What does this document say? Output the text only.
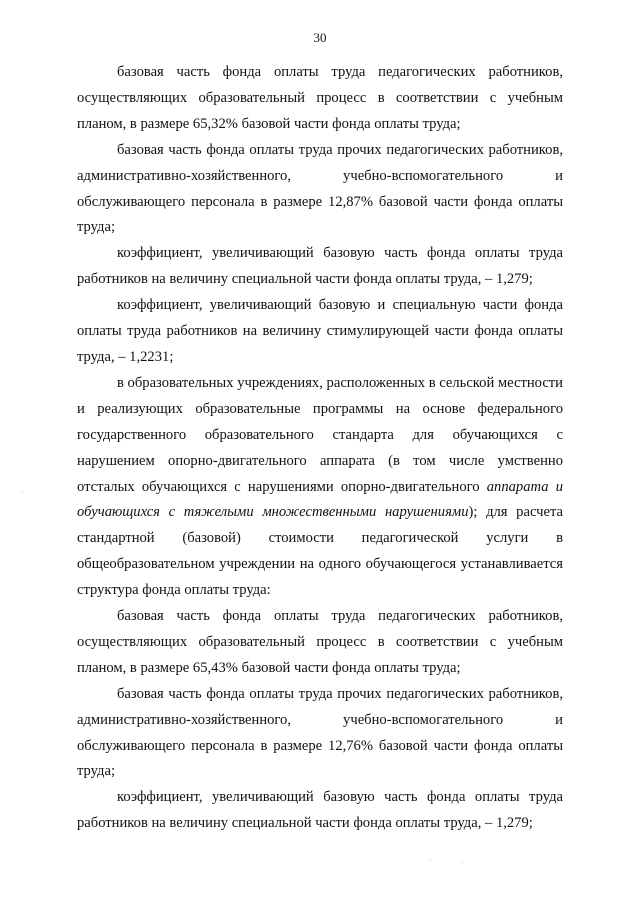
30

базовая часть фонда оплаты труда педагогических работников, осуществляющих образовательный процесс в соответствии с учебным планом, в размере 65,32% базовой части фонда оплаты труда;

базовая часть фонда оплаты труда прочих педагогических работников, административно-хозяйственного, учебно-вспомогательного и обслуживающего персонала в размере 12,87% базовой части фонда оплаты труда;

коэффициент, увеличивающий базовую часть фонда оплаты труда работников на величину специальной части фонда оплаты труда, – 1,279;

коэффициент, увеличивающий базовую и специальную части фонда оплаты труда работников на величину стимулирующей части фонда оплаты труда, – 1,2231;

в образовательных учреждениях, расположенных в сельской местности и реализующих образовательные программы на основе федерального государственного образовательного стандарта для обучающихся с нарушением опорно-двигательного аппарата (в том числе умственно отсталых обучающихся с нарушениями опорно-двигательного аппарата и обучающихся с тяжелыми множественными нарушениями); для расчета стандартной (базовой) стоимости педагогической услуги в общеобразовательном учреждении на одного обучающегося устанавливается структура фонда оплаты труда:

базовая часть фонда оплаты труда педагогических работников, осуществляющих образовательный процесс в соответствии с учебным планом, в размере 65,43% базовой части фонда оплаты труда;

базовая часть фонда оплаты труда прочих педагогических работников, административно-хозяйственного, учебно-вспомогательного и обслуживающего персонала в размере 12,76% базовой части фонда оплаты труда;

коэффициент, увеличивающий базовую часть фонда оплаты труда работников на величину специальной части фонда оплаты труда, – 1,279;
